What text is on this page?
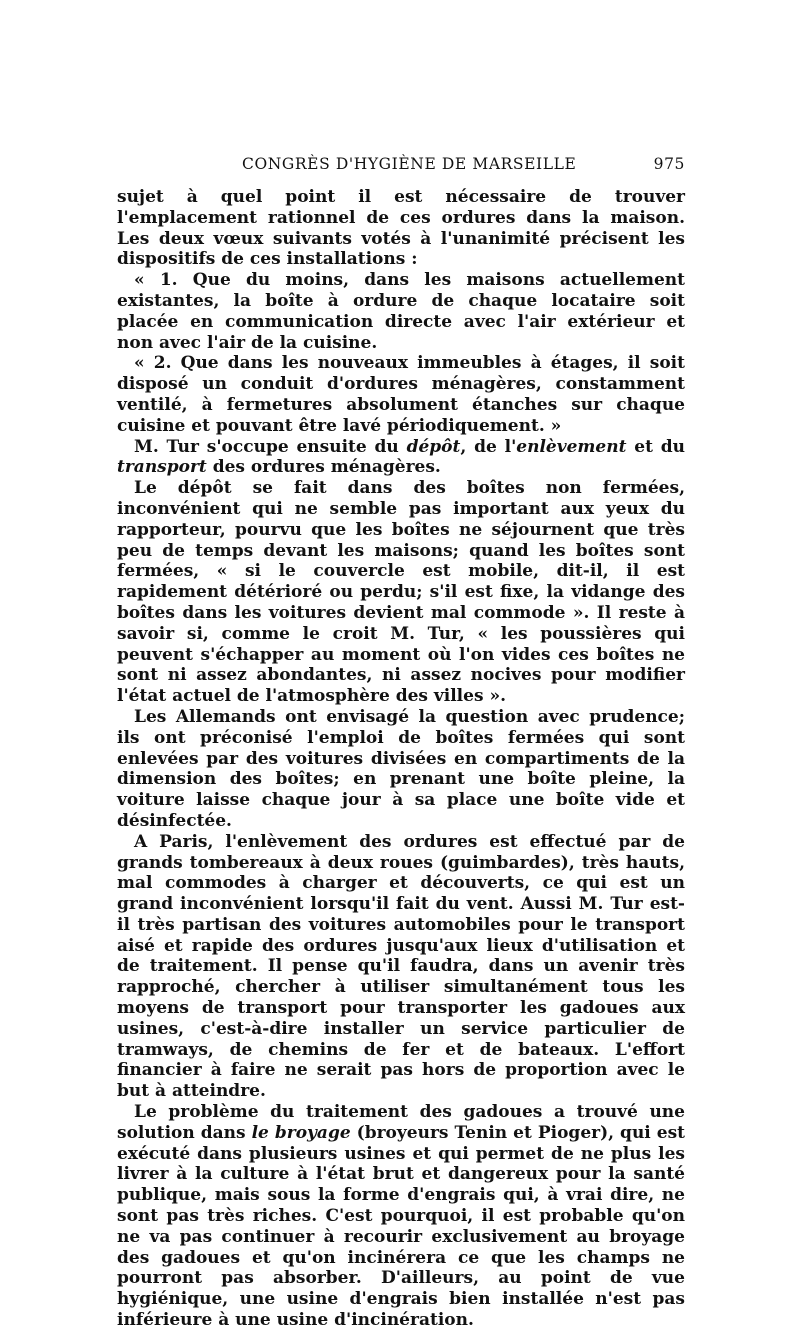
CONGRÈS D'HYGIÈNE DE MARSEILLE	975

sujet à quel point il est nécessaire de trouver l'emplacement rationnel de ces ordures dans la maison. Les deux vœux suivants votés à l'unanimité précisent les dispositifs de ces installations :

« 1. Que du moins, dans les maisons actuellement existantes, la boîte à ordure de chaque locataire soit placée en communication directe avec l'air extérieur et non avec l'air de la cuisine.

« 2. Que dans les nouveaux immeubles à étages, il soit disposé un conduit d'ordures ménagères, constamment ventilé, à fermetures absolument étanches sur chaque cuisine et pouvant être lavé périodiquement. »

M. Tur s'occupe ensuite du dépôt, de l'enlèvement et du transport des ordures ménagères.

Le dépôt se fait dans des boîtes non fermées, inconvénient qui ne semble pas important aux yeux du rapporteur, pourvu que les boîtes ne séjournent que très peu de temps devant les maisons; quand les boîtes sont fermées, « si le couvercle est mobile, dit-il, il est rapidement détérioré ou perdu; s'il est fixe, la vidange des boîtes dans les voitures devient mal commode ». Il reste à savoir si, comme le croit M. Tur, « les poussières qui peuvent s'échapper au moment où l'on vides ces boîtes ne sont ni assez abondantes, ni assez nocives pour modifier l'état actuel de l'atmosphère des villes ».

Les Allemands ont envisagé la question avec prudence; ils ont préconisé l'emploi de boîtes fermées qui sont enlevées par des voitures divisées en compartiments de la dimension des boîtes; en prenant une boîte pleine, la voiture laisse chaque jour à sa place une boîte vide et désinfectée.

A Paris, l'enlèvement des ordures est effectué par de grands tombereaux à deux roues (guimbardes), très hauts, mal commodes à charger et découverts, ce qui est un grand inconvénient lorsqu'il fait du vent. Aussi M. Tur est-il très partisan des voitures automobiles pour le transport aisé et rapide des ordures jusqu'aux lieux d'utilisation et de traitement. Il pense qu'il faudra, dans un avenir très rapproché, chercher à utiliser simultanément tous les moyens de transport pour transporter les gadoues aux usines, c'est-à-dire installer un service particulier de tramways, de chemins de fer et de bateaux. L'effort financier à faire ne serait pas hors de proportion avec le but à atteindre.

Le problème du traitement des gadoues a trouvé une solution dans le broyage (broyeurs Tenin et Pioger), qui est exécuté dans plusieurs usines et qui permet de ne plus les livrer à la culture à l'état brut et dangereux pour la santé publique, mais sous la forme d'engrais qui, à vrai dire, ne sont pas très riches. C'est pourquoi, il est probable qu'on ne va pas continuer à recourir exclusivement au broyage des gadoues et qu'on incinérera ce que les champs ne pourront pas absorber. D'ailleurs, au point de vue hygiénique, une usine d'engrais bien installée n'est pas inférieure à une usine d'incinération.
